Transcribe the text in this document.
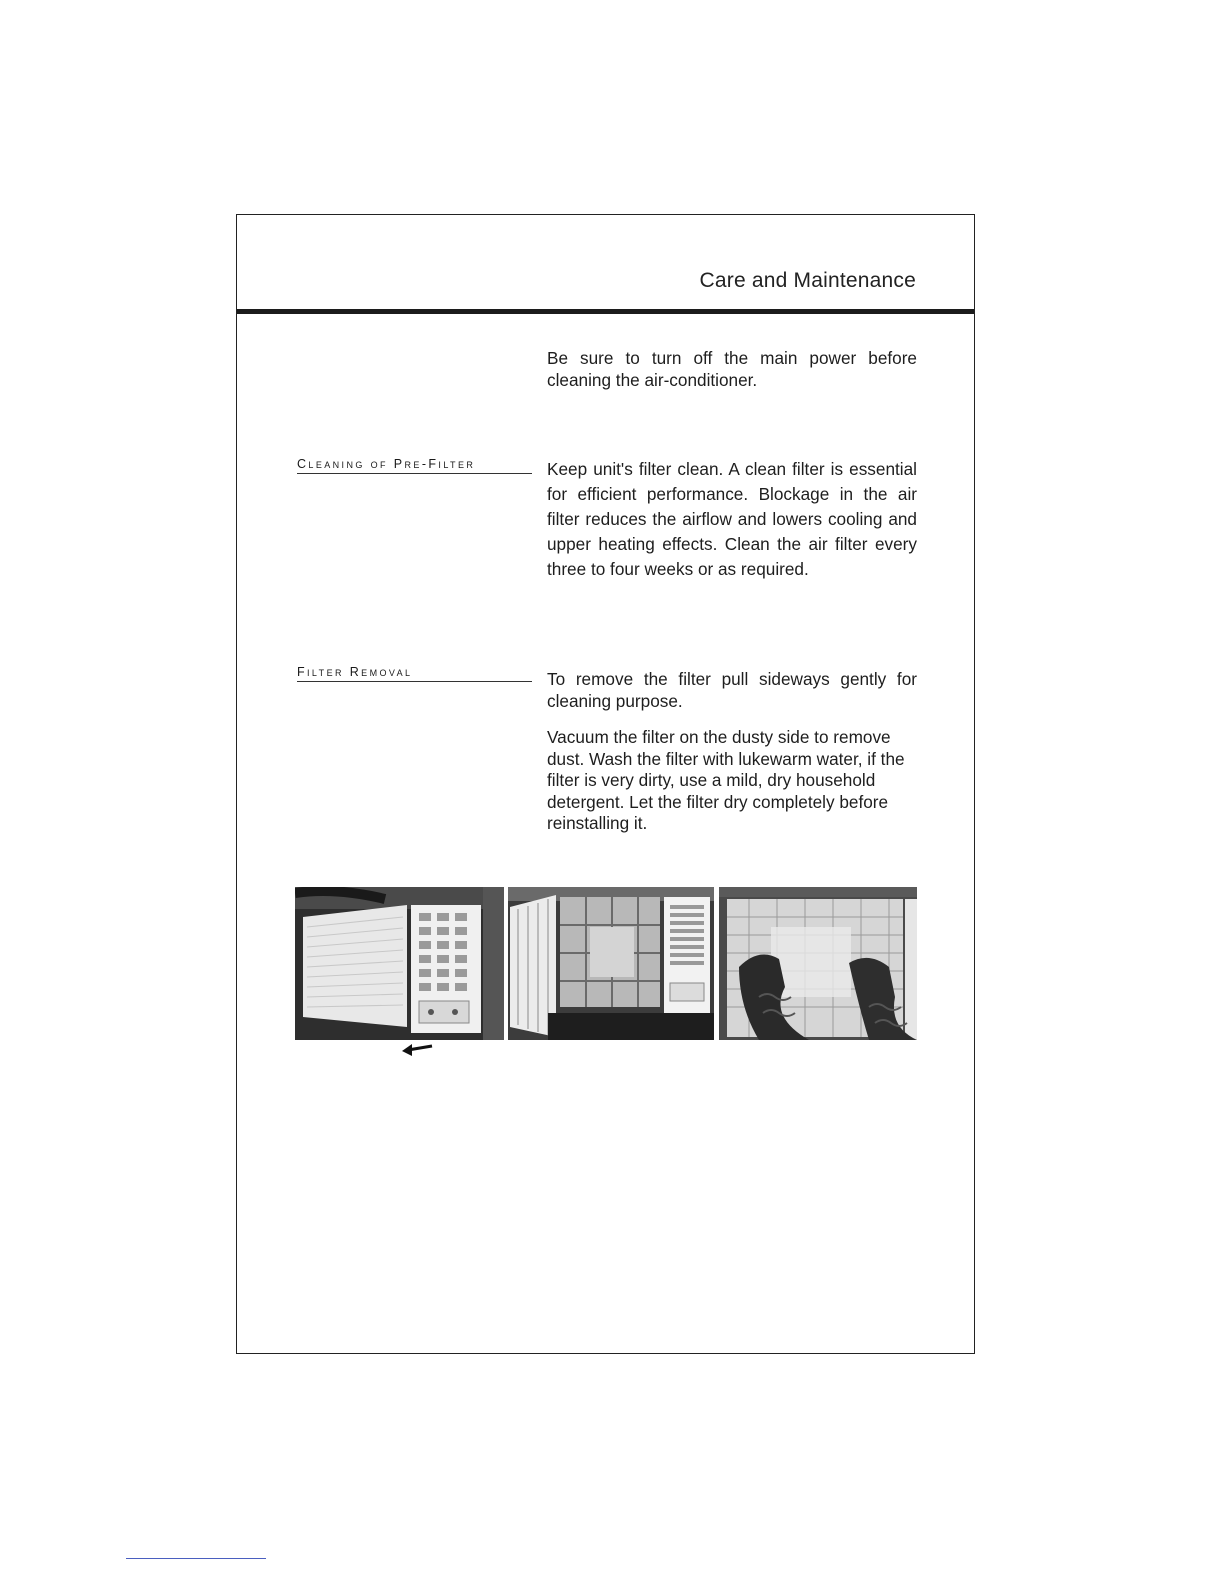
Care and Maintenance

Be sure to turn off the main power before cleaning the air-conditioner.

Cleaning of Pre-Filter	Keep unit's filter clean. A clean filter is essential for efficient performance. Blockage in the air filter reduces the airflow and lowers cooling and upper heating effects. Clean the air filter every three to four weeks or as required.

Filter Removal	To remove the filter pull sideways gently for cleaning purpose.

Vacuum the filter on the dusty side to remove dust. Wash the filter with lukewarm water, if the filter is very dirty, use a mild, dry household detergent. Let the filter dry completely before reinstalling it.
